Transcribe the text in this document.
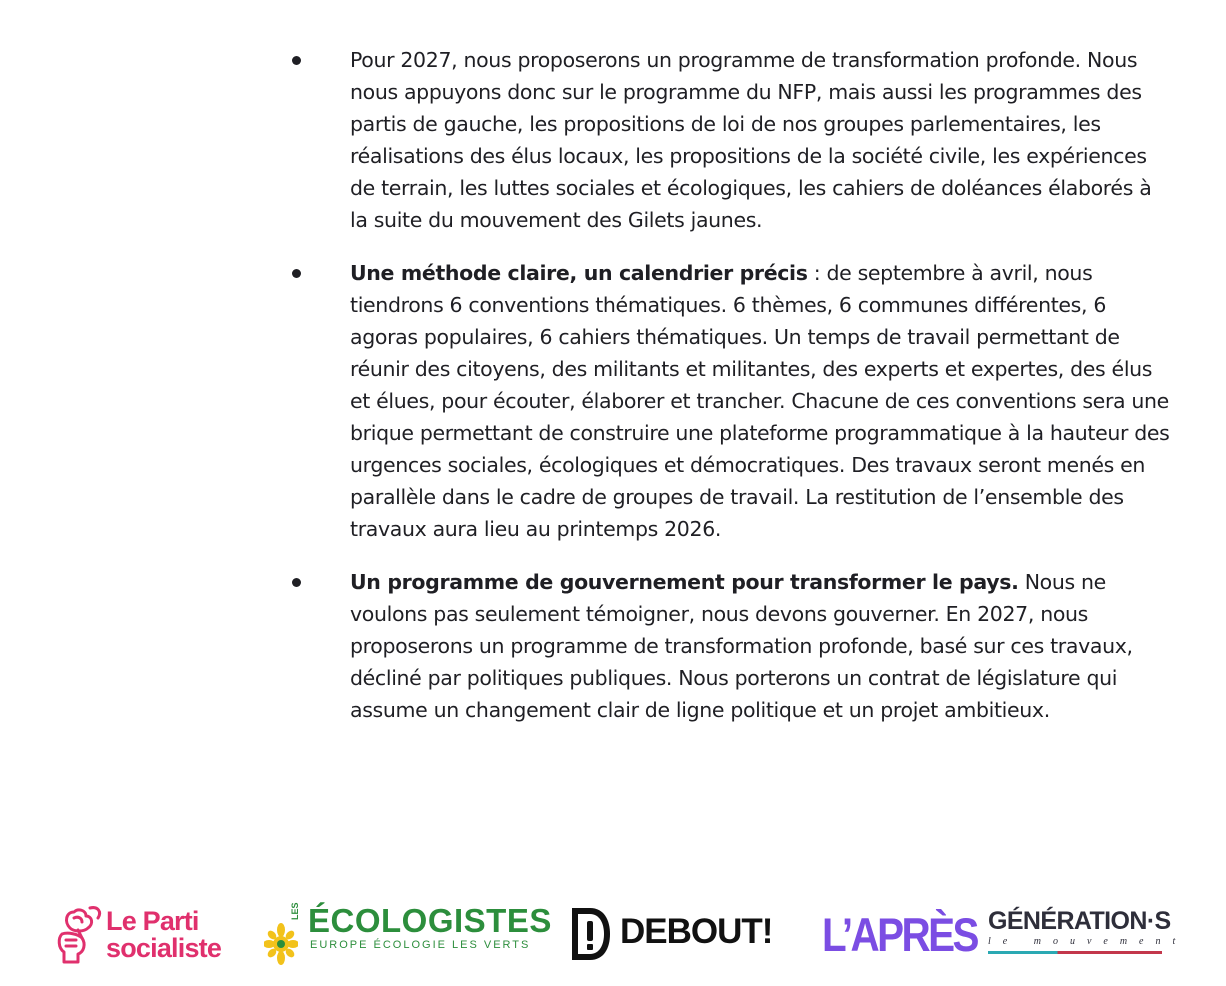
Pour 2027, nous proposerons un programme de transformation profonde. Nous nous appuyons donc sur le programme du NFP, mais aussi les programmes des partis de gauche, les propositions de loi de nos groupes parlementaires, les réalisations des élus locaux, les propositions de la société civile, les expériences de terrain, les luttes sociales et écologiques, les cahiers de doléances élaborés à la suite du mouvement des Gilets jaunes.
Une méthode claire, un calendrier précis : de septembre à avril, nous tiendrons 6 conventions thématiques. 6 thèmes, 6 communes différentes, 6 agoras populaires, 6 cahiers thématiques. Un temps de travail permettant de réunir des citoyens, des militants et militantes, des experts et expertes, des élus et élues, pour écouter, élaborer et trancher. Chacune de ces conventions sera une brique permettant de construire une plateforme programmatique à la hauteur des urgences sociales, écologiques et démocratiques. Des travaux seront menés en parallèle dans le cadre de groupes de travail. La restitution de l’ensemble des travaux aura lieu au printemps 2026.
Un programme de gouvernement pour transformer le pays. Nous ne voulons pas seulement témoigner, nous devons gouverner. En 2027, nous proposerons un programme de transformation profonde, basé sur ces travaux, décliné par politiques publiques. Nous porterons un contrat de législature qui assume un changement clair de ligne politique et un projet ambitieux.
Le Parti
socialiste
LES ÉCOLOGISTES
EUROPE ÉCOLOGIE LES VERTS	DEBOUT! L’APRÈS GÉNÉRATION·S
le mouvement
